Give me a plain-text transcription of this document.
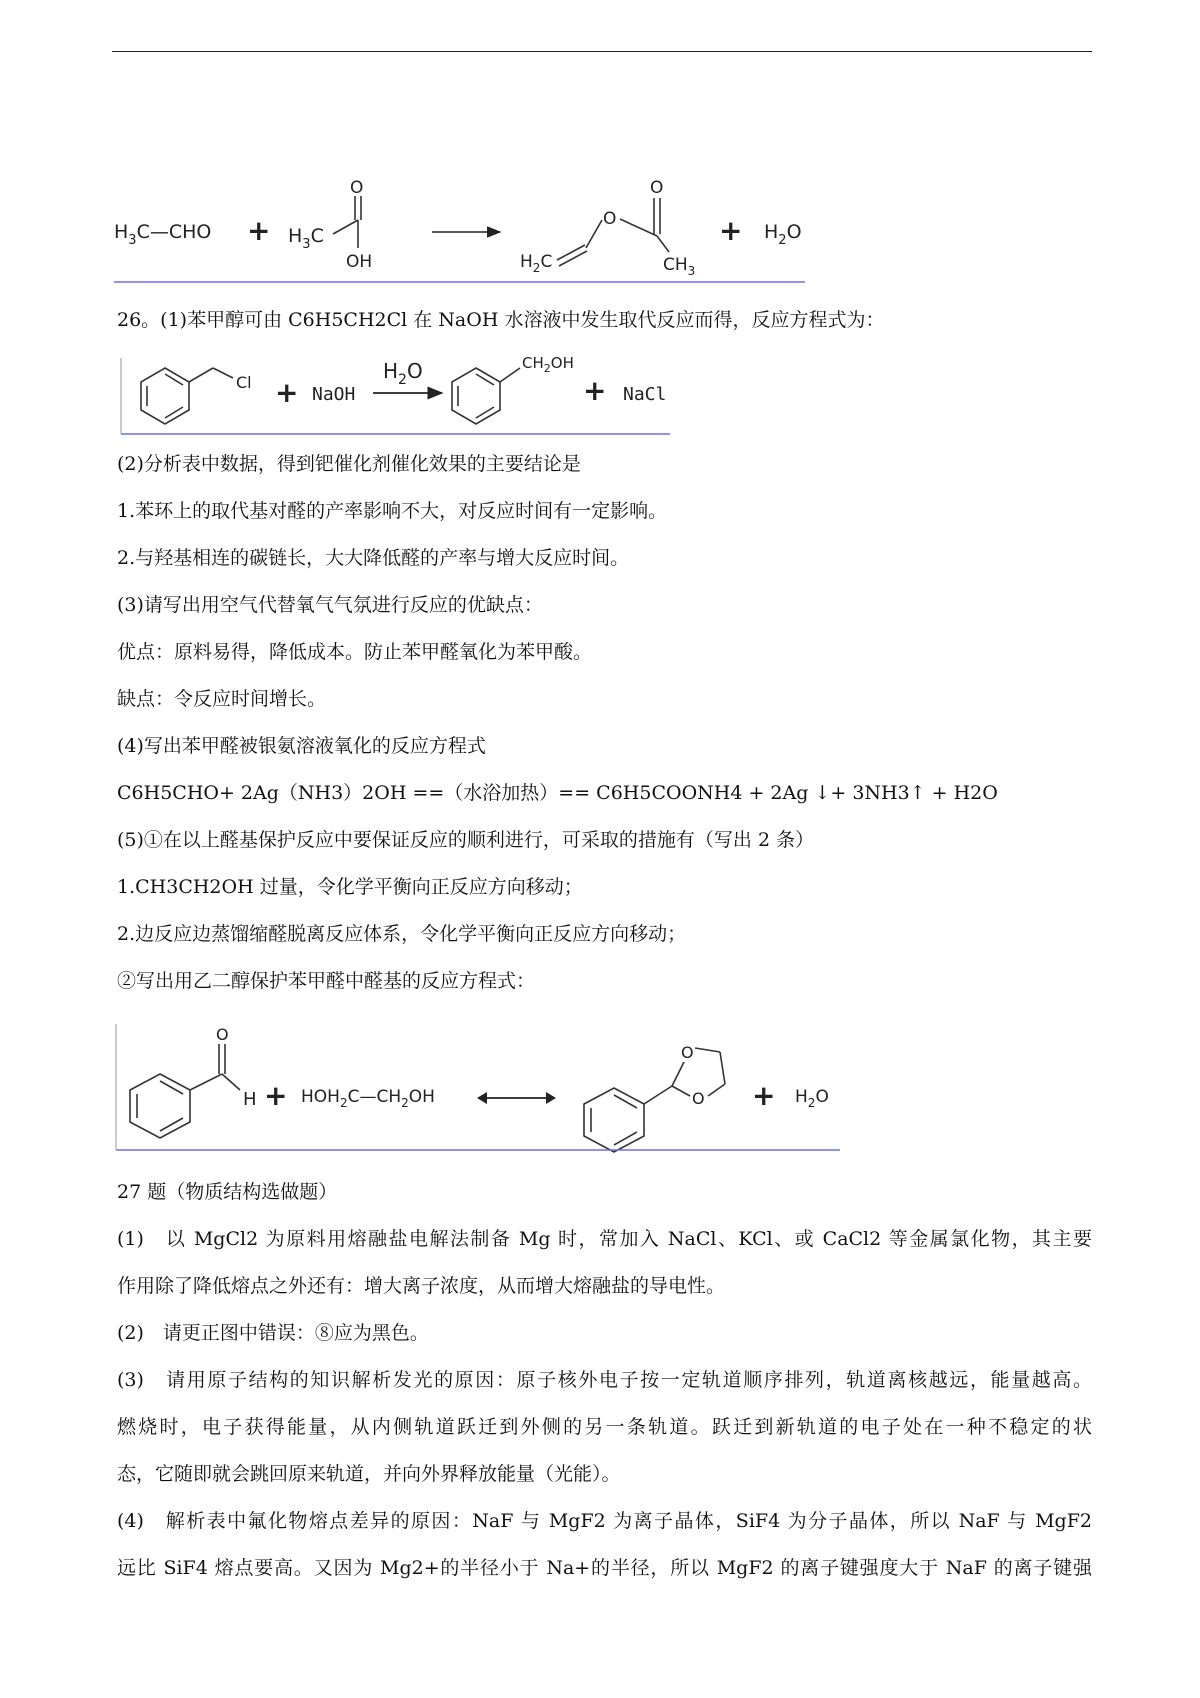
$H_3C—CHO + H_3C$
O
OH	$H_2C$
O
O
$CH_3$
+ $H_2O$

26。(1)苯甲醇可由 C6H5CH2Cl 在 NaOH 水溶液中发生取代反应而得，反应方程式为：

Cl + NaOH
$H_2O$	$CH_2OH$
+ NaCl

(2)分析表中数据，得到钯催化剂催化效果的主要结论是

1.苯环上的取代基对醛的产率影响不大，对反应时间有一定影响。

2.与羟基相连的碳链长，大大降低醛的产率与增大反应时间。

(3)请写出用空气代替氧气气氛进行反应的优缺点：

优点：原料易得，降低成本。防止苯甲醛氧化为苯甲酸。

缺点：令反应时间增长。

(4)写出苯甲醛被银氨溶液氧化的反应方程式

C6H5CHO+ 2Ag（NH3）2OH ==（水浴加热）== C6H5COONH4 + 2Ag ↓+ 3NH3↑ + H2O

(5)①在以上醛基保护反应中要保证反应的顺利进行，可采取的措施有（写出 2 条）

1.CH3CH2OH 过量，令化学平衡向正反应方向移动；

2.边反应边蒸馏缩醛脱离反应体系，令化学平衡向正反应方向移动；

②写出用乙二醇保护苯甲醛中醛基的反应方程式：

O
$H + HOH_2C—CH_2OH$
O
$O + H_2O$

27 题（物质结构选做题）

(1)　以 MgCl2 为原料用熔融盐电解法制备 Mg 时，常加入 NaCl、KCl、或 CaCl2 等金属氯化物，其主要

作用除了降低熔点之外还有：增大离子浓度，从而增大熔融盐的导电性。

(2)　请更正图中错误：⑧应为黑色。

(3)　请用原子结构的知识解析发光的原因：原子核外电子按一定轨道顺序排列，轨道离核越远，能量越高。

燃烧时，电子获得能量，从内侧轨道跃迁到外侧的另一条轨道。跃迁到新轨道的电子处在一种不稳定的状

态，它随即就会跳回原来轨道，并向外界释放能量（光能）。

(4)　解析表中氟化物熔点差异的原因：NaF 与 MgF2 为离子晶体，SiF4 为分子晶体，所以 NaF 与 MgF2

远比 SiF4 熔点要高。又因为 Mg2+的半径小于 Na+的半径，所以 MgF2 的离子键强度大于 NaF 的离子键强
